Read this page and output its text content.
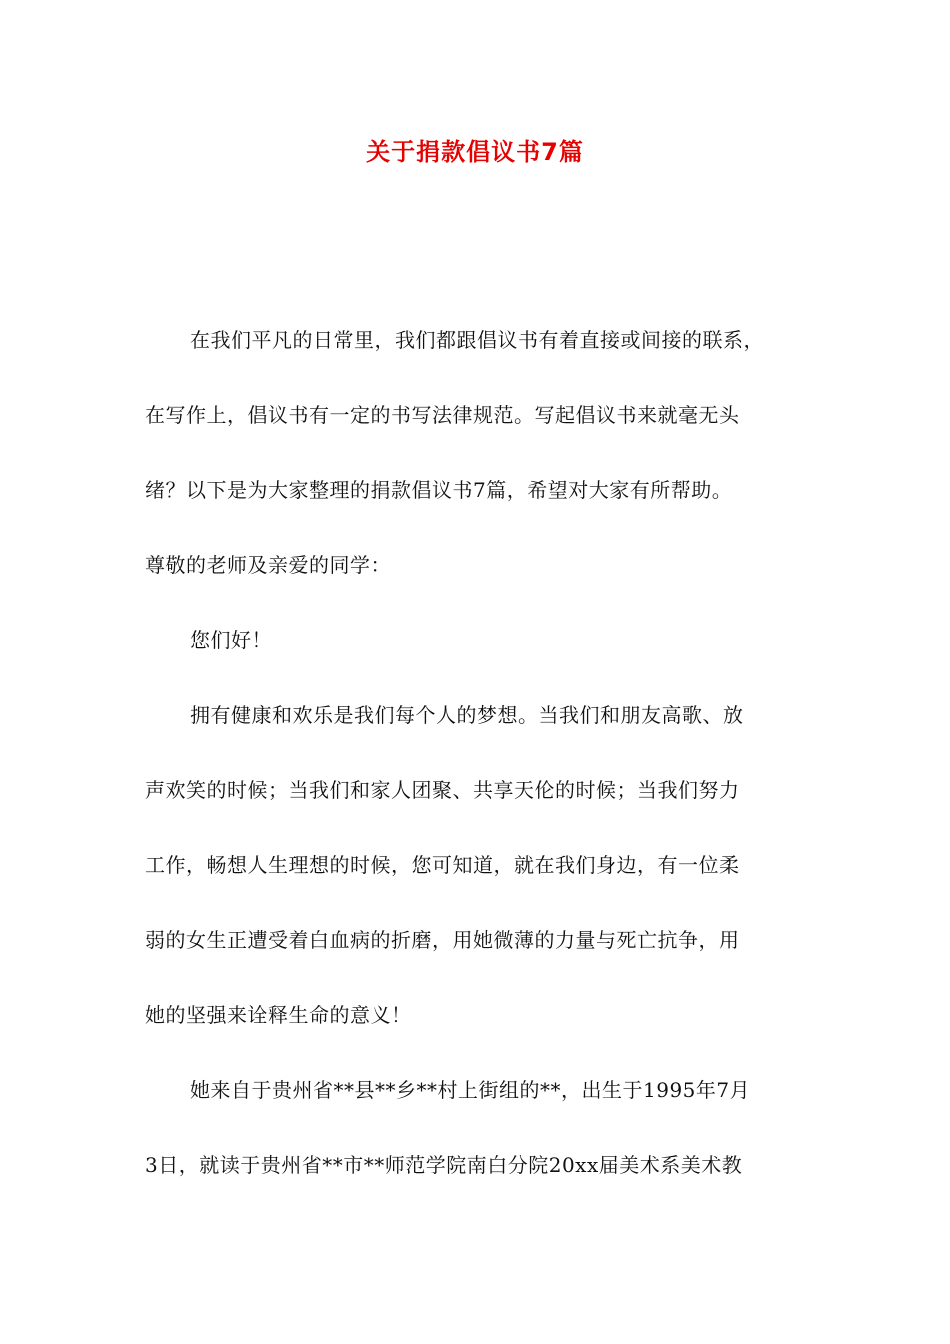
关于捐款倡议书7篇
在我们平凡的日常里，我们都跟倡议书有着直接或间接的联系，
在写作上，倡议书有一定的书写法律规范。写起倡议书来就毫无头
绪？以下是为大家整理的捐款倡议书7篇，希望对大家有所帮助。
尊敬的老师及亲爱的同学：
您们好！
拥有健康和欢乐是我们每个人的梦想。当我们和朋友高歌、放
声欢笑的时候；当我们和家人团聚、共享天伦的时候；当我们努力
工作，畅想人生理想的时候，您可知道，就在我们身边，有一位柔
弱的女生正遭受着白血病的折磨，用她微薄的力量与死亡抗争，用
她的坚强来诠释生命的意义！
她来自于贵州省**县**乡**村上街组的**，出生于1995年7月
3日，就读于贵州省**市**师范学院南白分院20xx届美术系美术教
